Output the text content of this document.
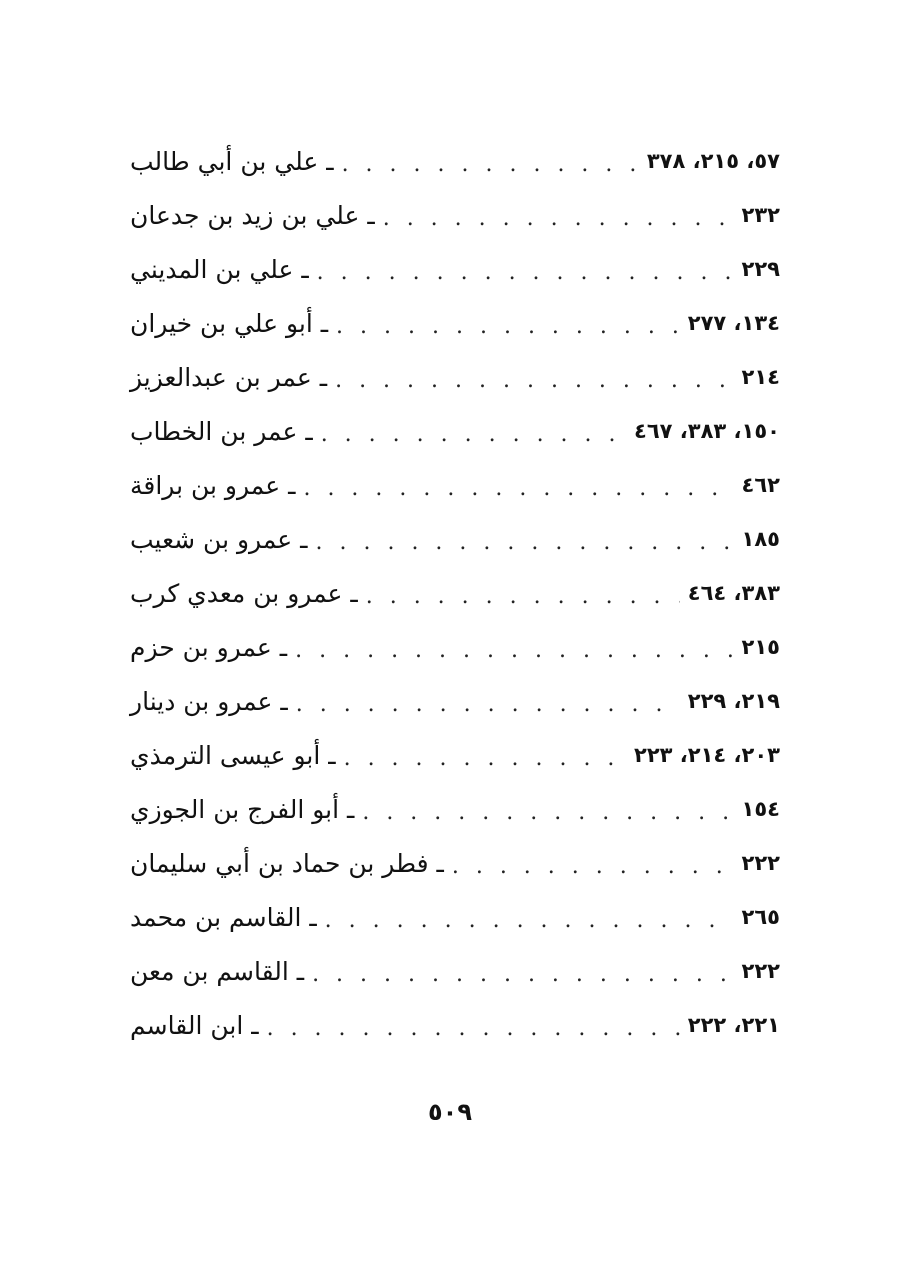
ـ علي بن أبي طالب . . .	٥٧، ٢١٥، ٣٧٨
ـ علي بن زيد بن جدعان . . .	٢٣٢
ـ علي بن المديني . . .	٢٢٩
ـ أبو علي بن خيران . . .	١٣٤، ٢٧٧
ـ عمر بن عبدالعزيز . . .	٢١٤
ـ عمر بن الخطاب . . .	١٥٠، ٣٨٣، ٤٦٧
ـ عمرو بن براقة . . .	٤٦٢
ـ عمرو بن شعيب . . .	١٨٥
ـ عمرو بن معدي كرب . . .	٣٨٣، ٤٦٤
ـ عمرو بن حزم . . .	٢١٥
ـ عمرو بن دينار . . .	٢١٩، ٢٢٩
ـ أبو عيسى الترمذي . . .	٢٠٣، ٢١٤، ٢٢٣
ـ أبو الفرج بن الجوزي . . .	١٥٤
ـ فطر بن حماد بن أبي سليمان . . .	٢٢٢
ـ القاسم بن محمد . . .	٢٦٥
ـ القاسم بن معن . . .	٢٢٢
ـ ابن القاسم . . .	٢٢١، ٢٢٢
٥٠٩
